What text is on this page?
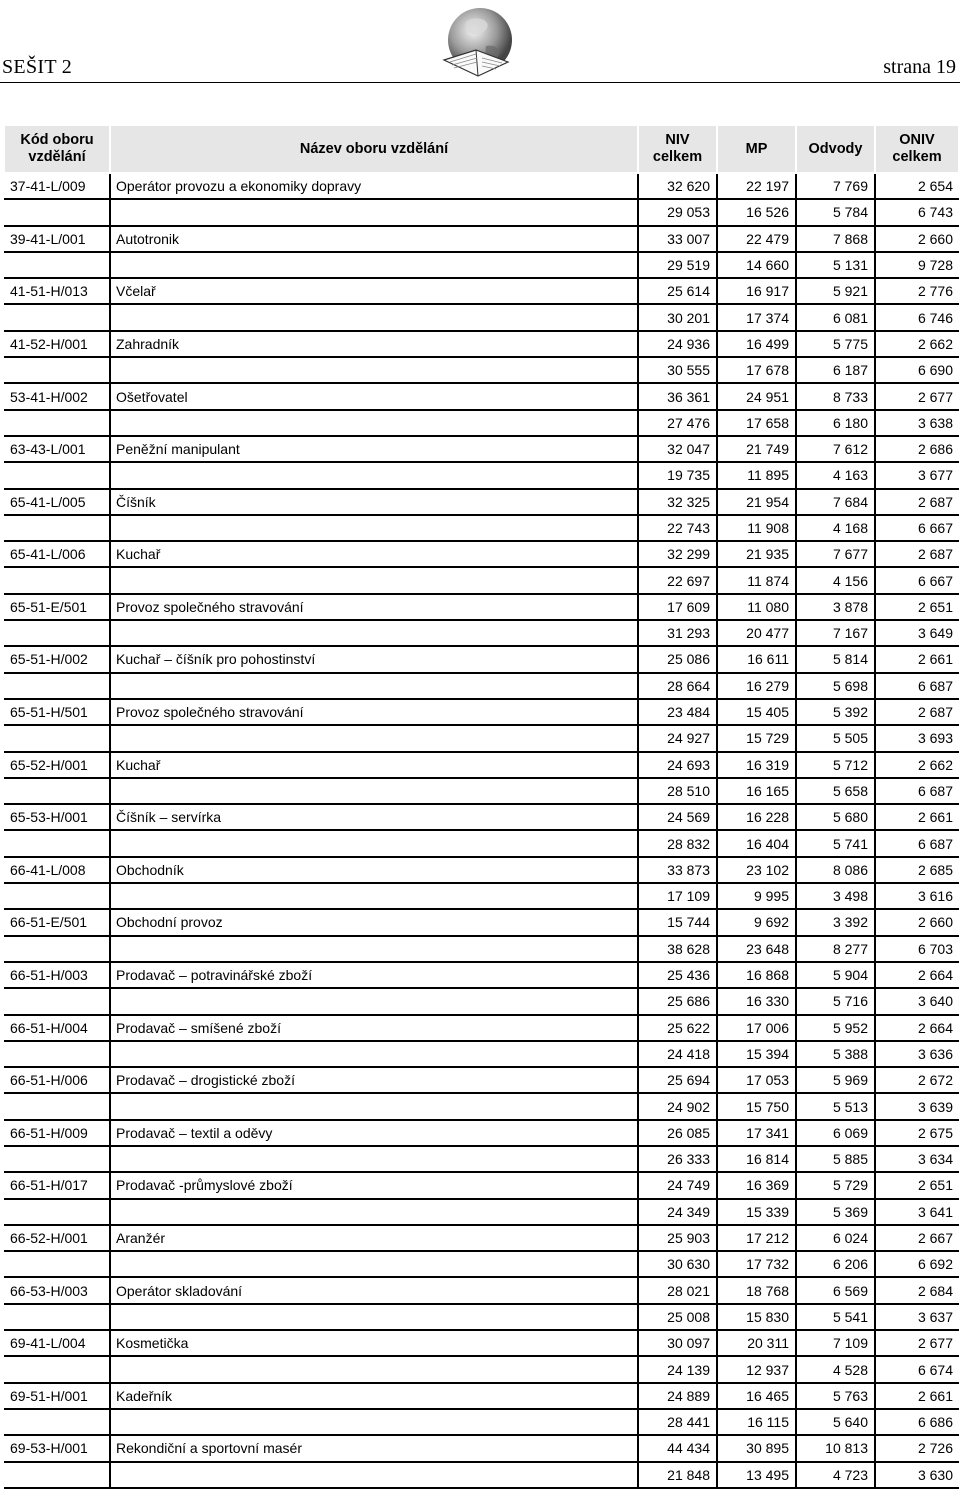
SEŠIT 2	strana 19
Kód oboru vzdělání	Název oboru vzdělání	NIV celkem	MP	Odvody	ONIV celkem
37-41-L/009	Operátor provozu a ekonomiky dopravy	32 620	22 197	7 769	2 654
		29 053	16 526	5 784	6 743
39-41-L/001	Autotronik	33 007	22 479	7 868	2 660
		29 519	14 660	5 131	9 728
41-51-H/013	Včelař	25 614	16 917	5 921	2 776
		30 201	17 374	6 081	6 746
41-52-H/001	Zahradník	24 936	16 499	5 775	2 662
		30 555	17 678	6 187	6 690
53-41-H/002	Ošetřovatel	36 361	24 951	8 733	2 677
		27 476	17 658	6 180	3 638
63-43-L/001	Peněžní manipulant	32 047	21 749	7 612	2 686
		19 735	11 895	4 163	3 677
65-41-L/005	Číšník	32 325	21 954	7 684	2 687
		22 743	11 908	4 168	6 667
65-41-L/006	Kuchař	32 299	21 935	7 677	2 687
		22 697	11 874	4 156	6 667
65-51-E/501	Provoz společného stravování	17 609	11 080	3 878	2 651
		31 293	20 477	7 167	3 649
65-51-H/002	Kuchař – číšník pro pohostinství	25 086	16 611	5 814	2 661
		28 664	16 279	5 698	6 687
65-51-H/501	Provoz společného stravování	23 484	15 405	5 392	2 687
		24 927	15 729	5 505	3 693
65-52-H/001	Kuchař	24 693	16 319	5 712	2 662
		28 510	16 165	5 658	6 687
65-53-H/001	Číšník – servírka	24 569	16 228	5 680	2 661
		28 832	16 404	5 741	6 687
66-41-L/008	Obchodník	33 873	23 102	8 086	2 685
		17 109	9 995	3 498	3 616
66-51-E/501	Obchodní provoz	15 744	9 692	3 392	2 660
		38 628	23 648	8 277	6 703
66-51-H/003	Prodavač – potravinářské zboží	25 436	16 868	5 904	2 664
		25 686	16 330	5 716	3 640
66-51-H/004	Prodavač – smíšené zboží	25 622	17 006	5 952	2 664
		24 418	15 394	5 388	3 636
66-51-H/006	Prodavač – drogistické zboží	25 694	17 053	5 969	2 672
		24 902	15 750	5 513	3 639
66-51-H/009	Prodavač – textil a oděvy	26 085	17 341	6 069	2 675
		26 333	16 814	5 885	3 634
66-51-H/017	Prodavač -průmyslové zboží	24 749	16 369	5 729	2 651
		24 349	15 339	5 369	3 641
66-52-H/001	Aranžér	25 903	17 212	6 024	2 667
		30 630	17 732	6 206	6 692
66-53-H/003	Operátor skladování	28 021	18 768	6 569	2 684
		25 008	15 830	5 541	3 637
69-41-L/004	Kosmetička	30 097	20 311	7 109	2 677
		24 139	12 937	4 528	6 674
69-51-H/001	Kadeřník	24 889	16 465	5 763	2 661
		28 441	16 115	5 640	6 686
69-53-H/001	Rekondiční a sportovní masér	44 434	30 895	10 813	2 726
		21 848	13 495	4 723	3 630
